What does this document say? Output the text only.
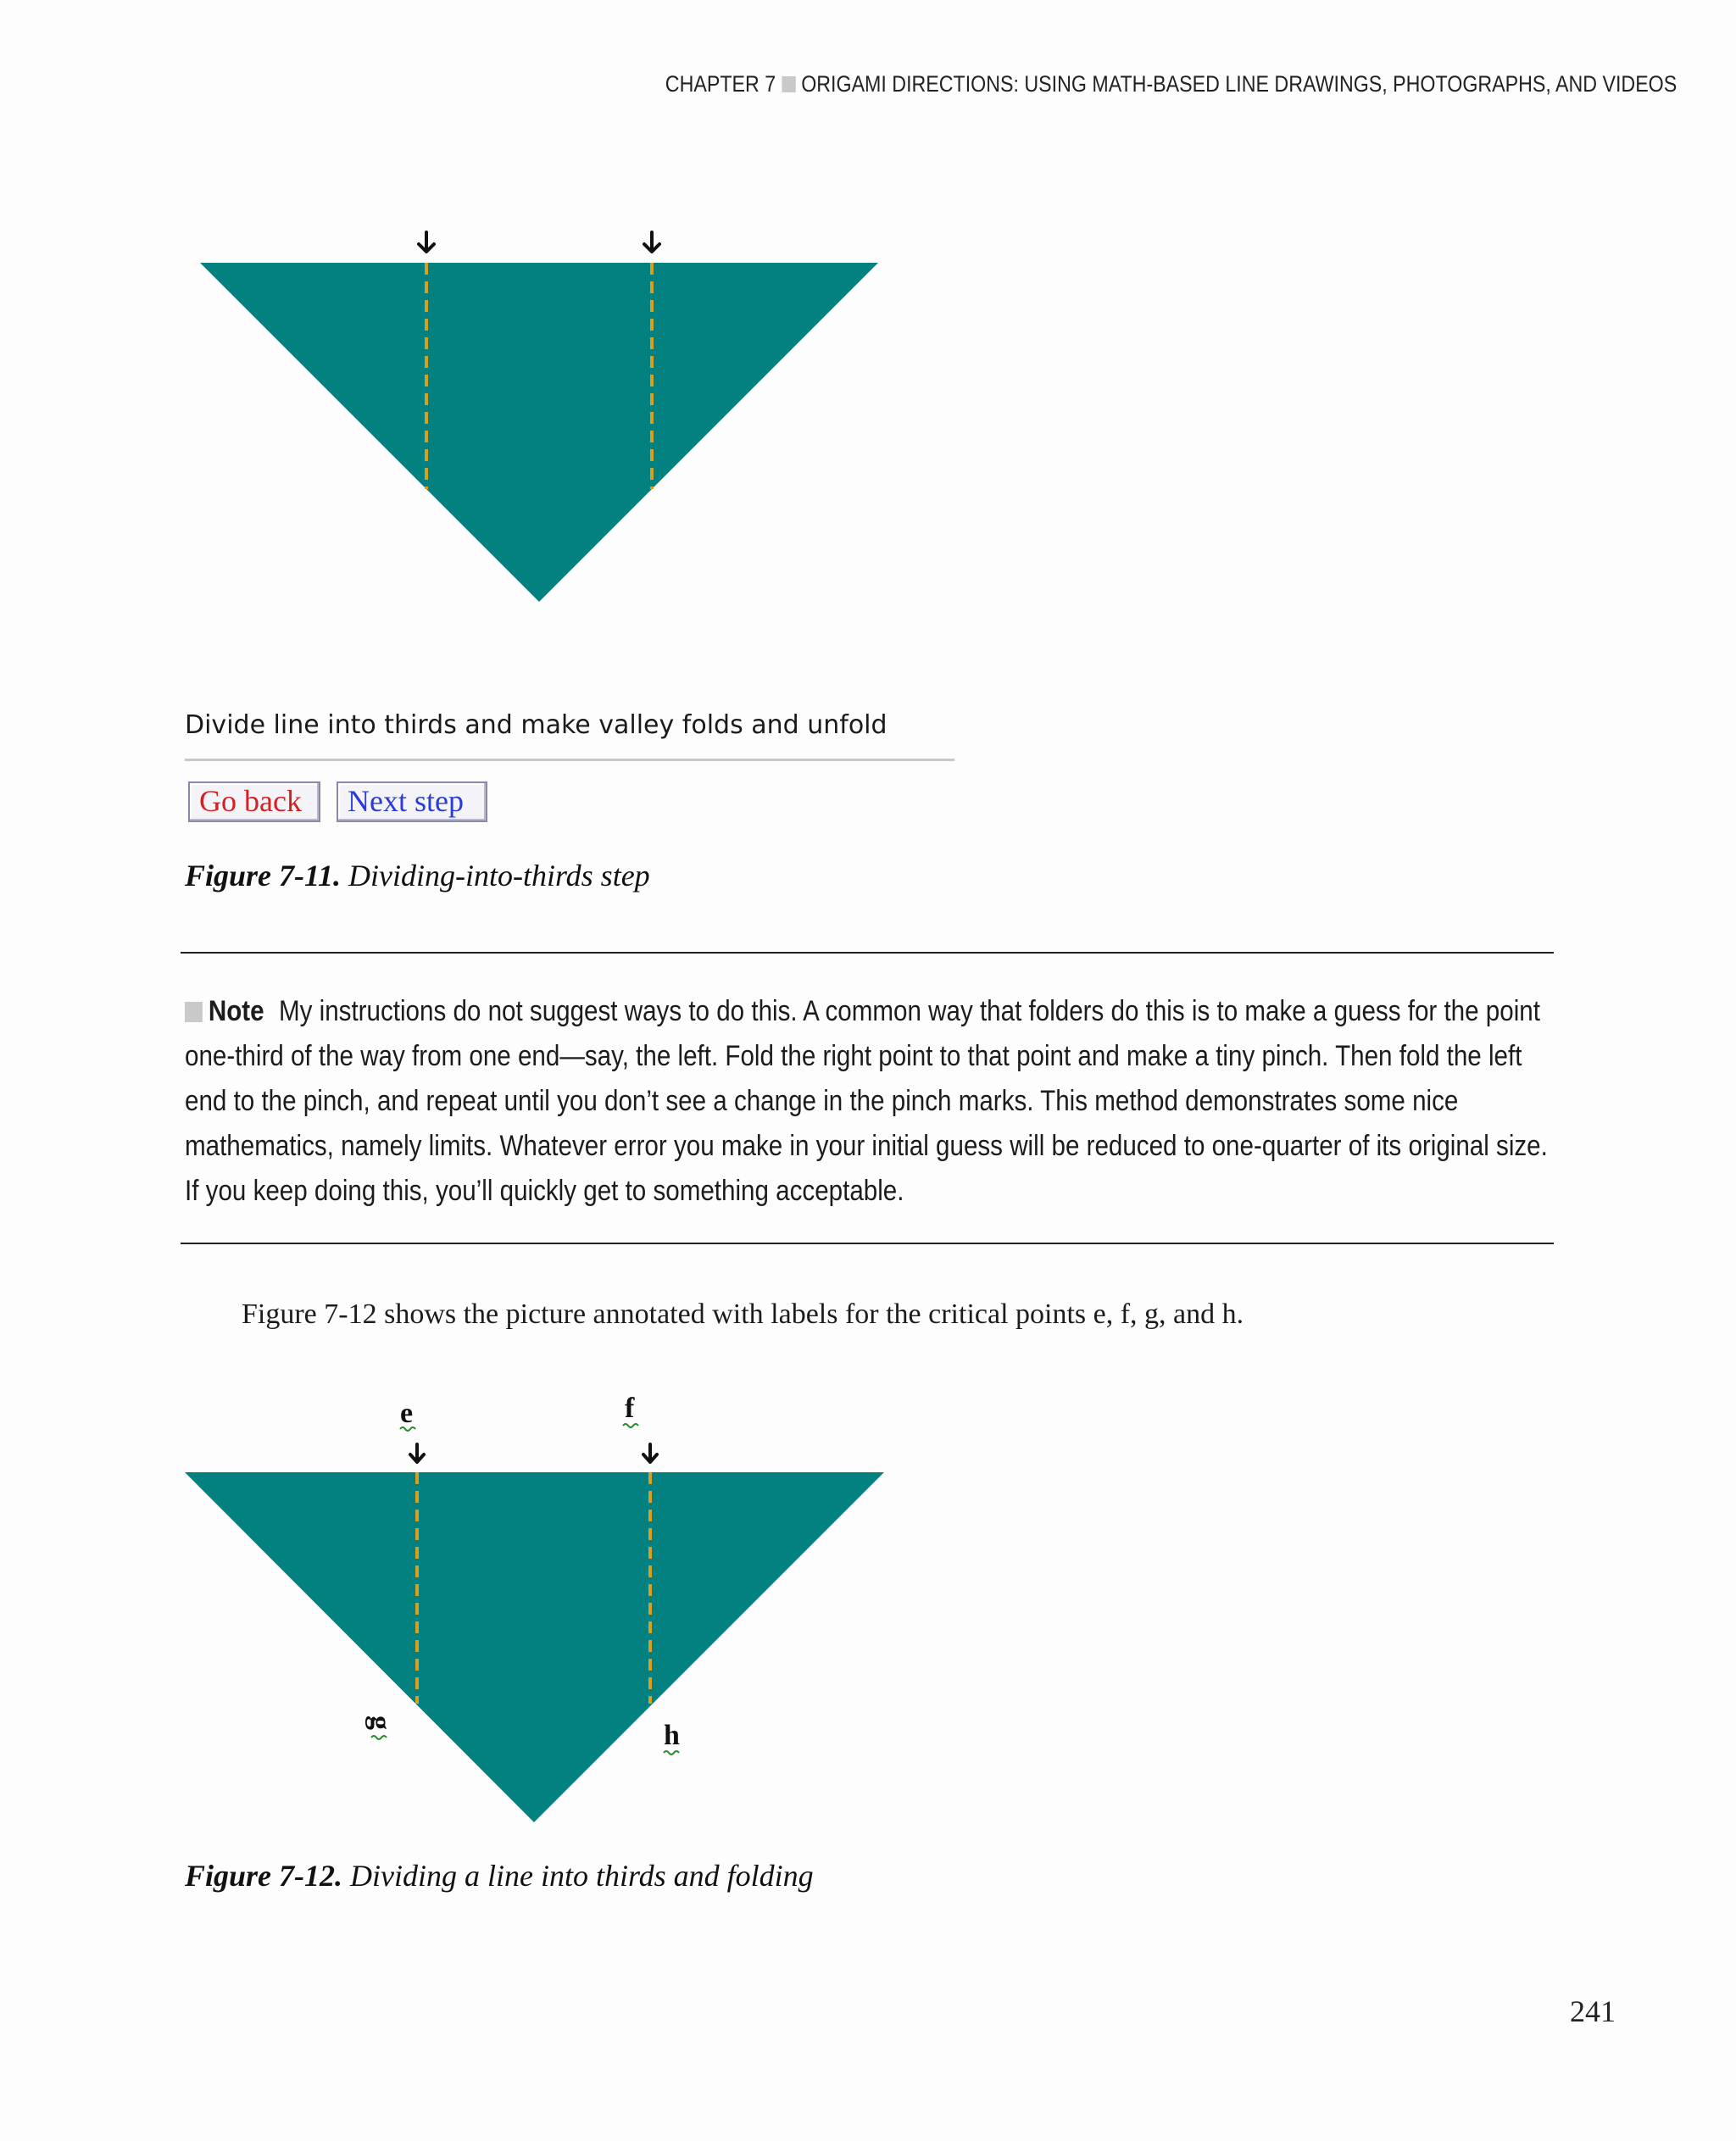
CHAPTER 7 ORIGAMI DIRECTIONS: USING MATH-BASED LINE DRAWINGS, PHOTOGRAPHS, AND VIDEOS
Divide line into thirds and make valley folds and unfold
Go back	Next step
Figure 7-11. Dividing-into-thirds step
Note My instructions do not suggest ways to do this. A common way that folders do this is to make a guess for the point one-third of the way from one end—say, the left. Fold the right point to that point and make a tiny pinch. Then fold the left end to the pinch, and repeat until you don’t see a change in the pinch marks. This method demonstrates some nice mathematics, namely limits. Whatever error you make in your initial guess will be reduced to one-quarter of its original size. If you keep doing this, you’ll quickly get to something acceptable.
Figure 7-12 shows the picture annotated with labels for the critical points e, f, g, and h.
e	f
g	h
Figure 7-12. Dividing a line into thirds and folding
241
